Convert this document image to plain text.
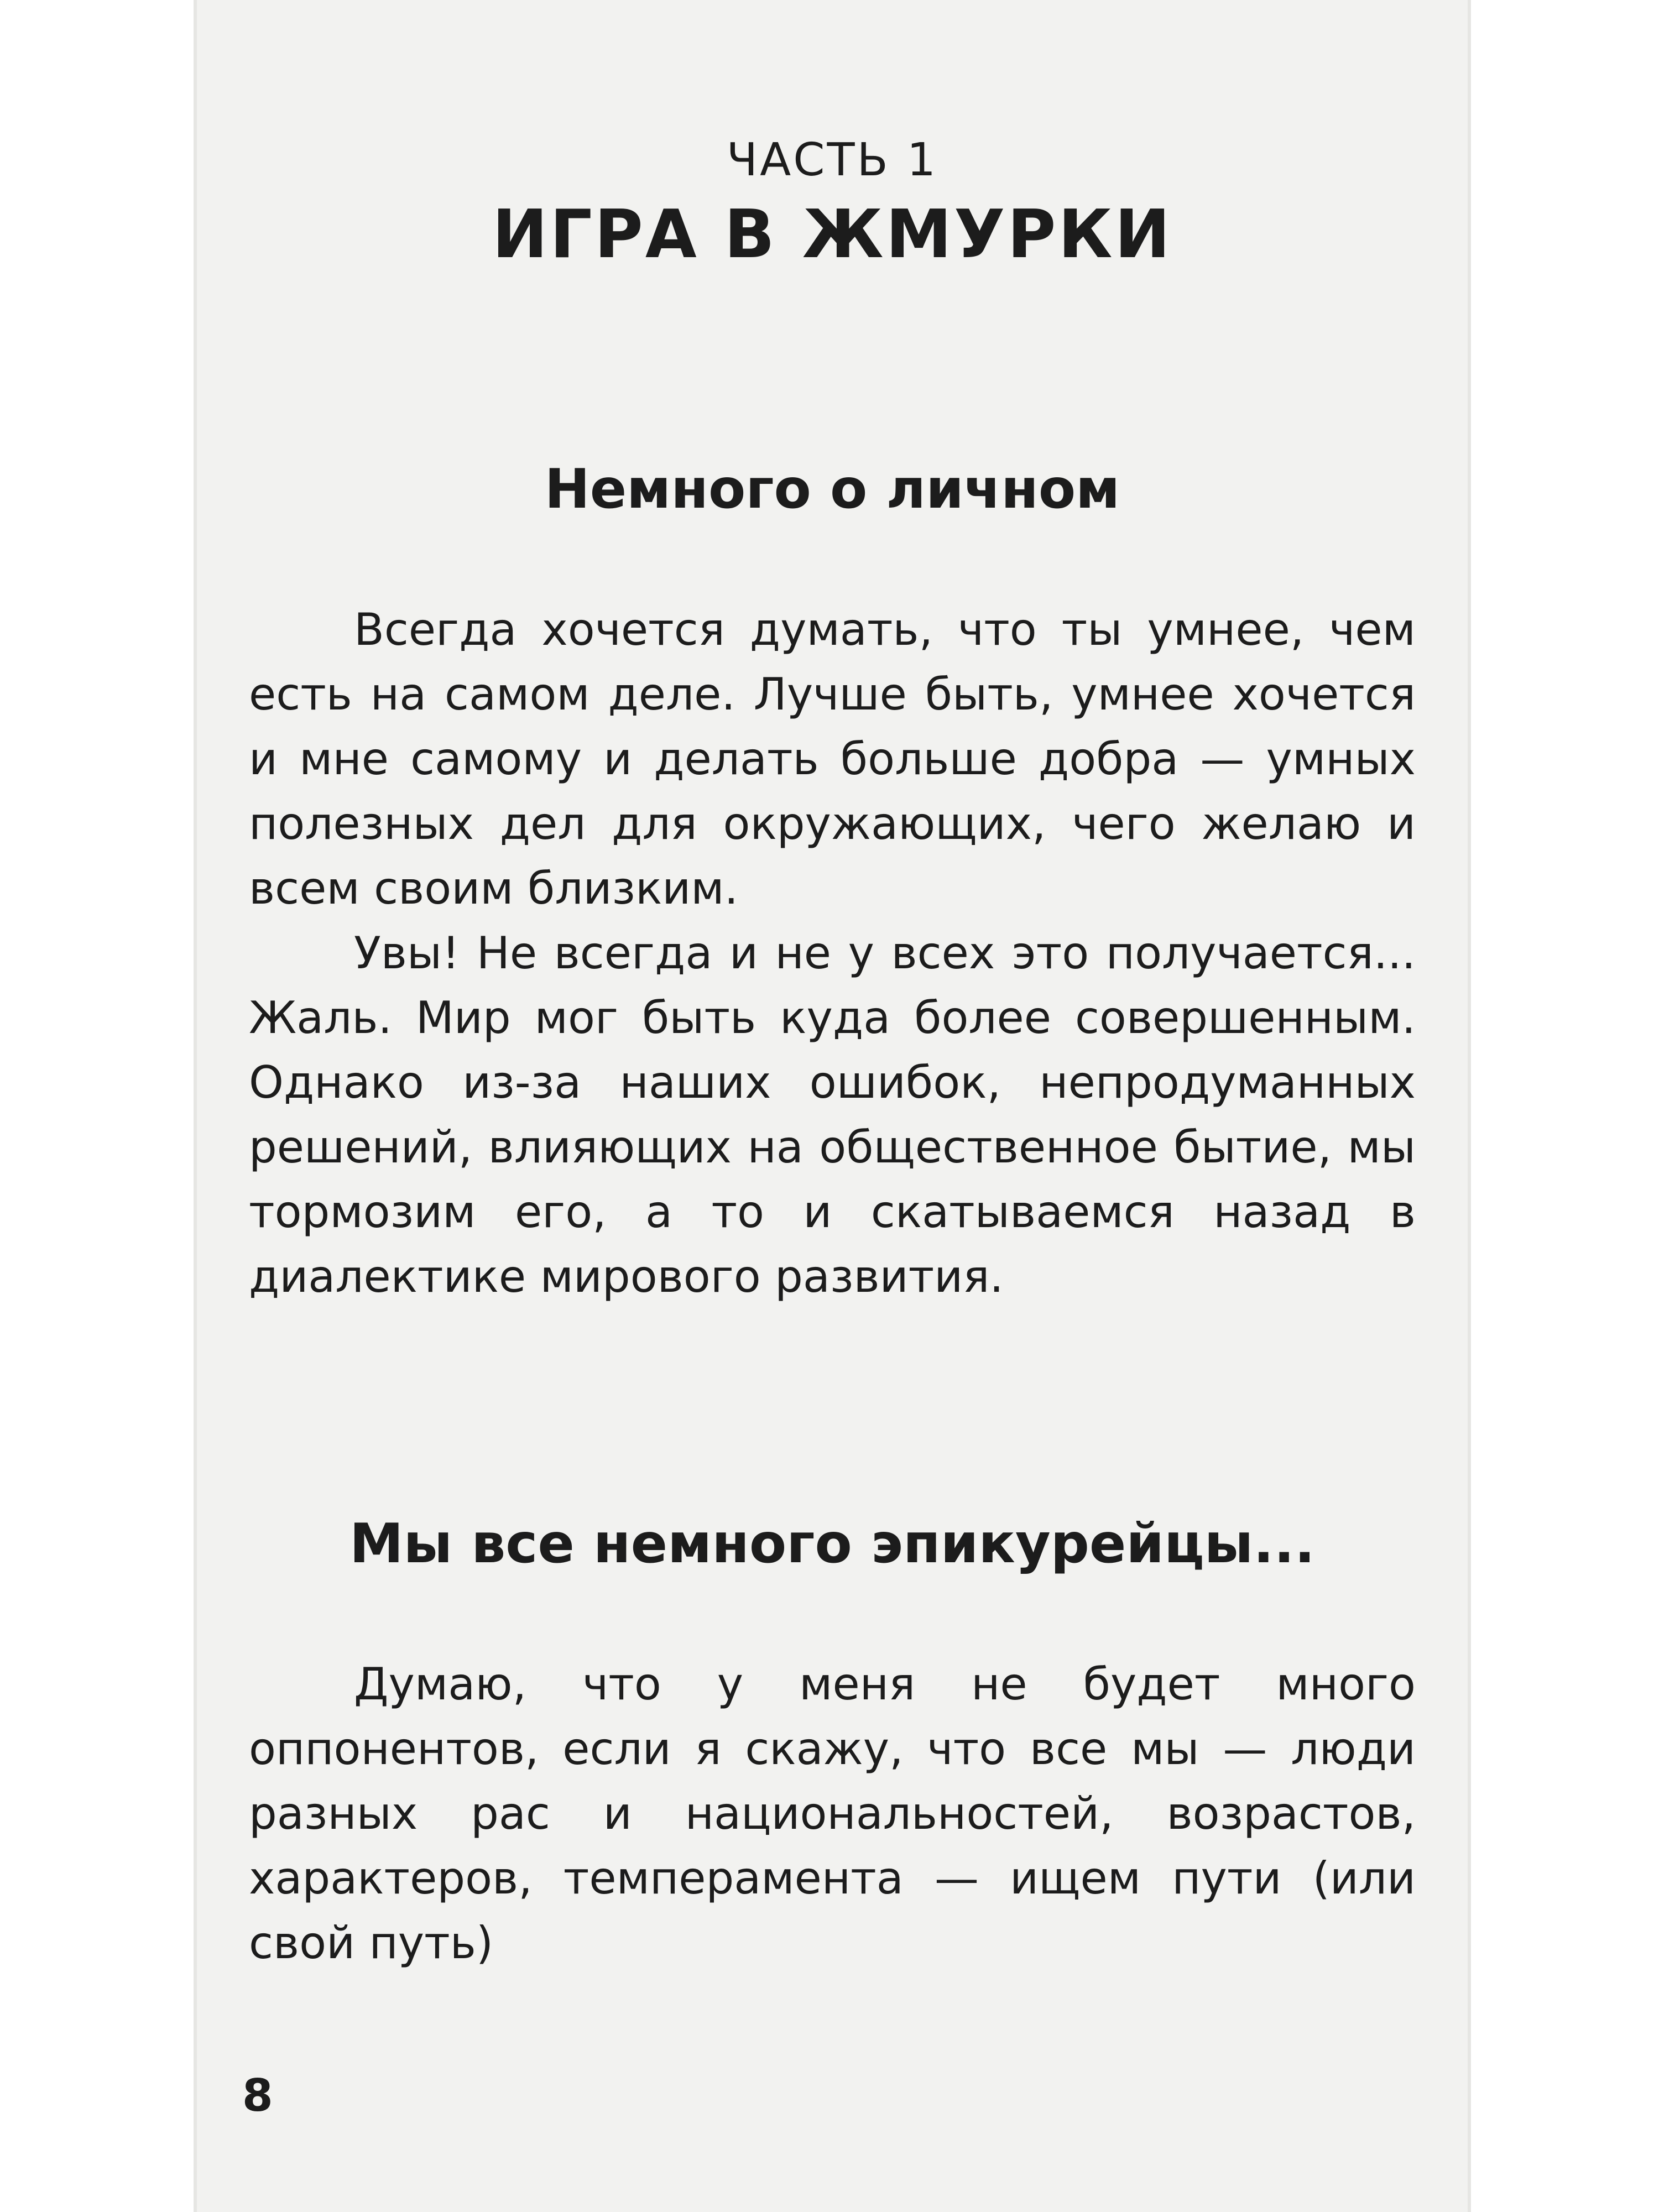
ЧАСТЬ 1

ИГРА В ЖМУРКИ
Немного о личном

Всегда хочется думать, что ты умнее, чем есть на самом деле. Лучше быть, умнее хочется и мне самому и делать больше добра — умных полезных дел для окружающих, чего желаю и всем своим близким.

Увы! Не всегда и не у всех это получается... Жаль. Мир мог быть куда более совершенным. Однако из-за наших ошибок, непродуманных решений, влияющих на общественное бытие, мы тормозим его, а то и скатываемся назад в диалектике мирового развития.

Мы все немного эпикурейцы...

Думаю, что у меня не будет много оппонентов, если я скажу, что все мы — люди разных рас и национальностей, возрастов, характеров, темперамента — ищем пути (или свой путь)

8
